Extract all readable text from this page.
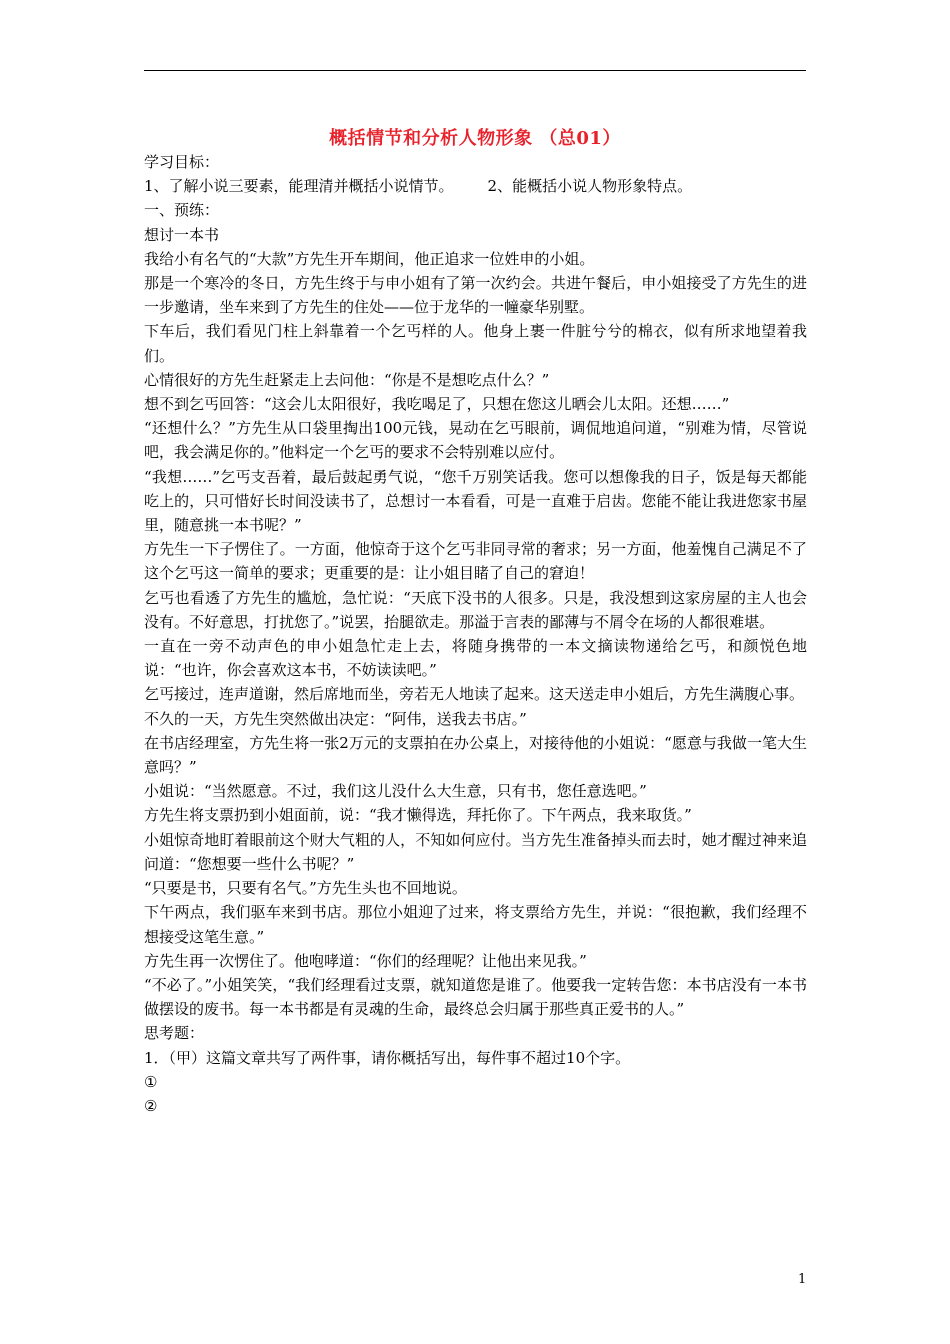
概括情节和分析人物形象 （总01）

学习目标：

1、了解小说三要素，能理清并概括小说情节。 2、能概括小说人物形象特点。

一、预练：

想讨一本书

我给小有名气的“大款”方先生开车期间，他正追求一位姓申的小姐。

那是一个寒冷的冬日，方先生终于与申小姐有了第一次约会。共进午餐后，申小姐接受了方先生的进一步邀请，坐车来到了方先生的住处——位于龙华的一幢豪华别墅。

下车后，我们看见门柱上斜靠着一个乞丐样的人。他身上裹一件脏兮兮的棉衣，似有所求地望着我们。

心情很好的方先生赶紧走上去问他：“你是不是想吃点什么？”

想不到乞丐回答：“这会儿太阳很好，我吃喝足了，只想在您这儿晒会儿太阳。还想……”

“还想什么？”方先生从口袋里掏出100元钱，晃动在乞丐眼前，调侃地追问道，“别难为情，尽管说吧，我会满足你的。”他料定一个乞丐的要求不会特别难以应付。

“我想……”乞丐支吾着，最后鼓起勇气说，“您千万别笑话我。您可以想像我的日子，饭是每天都能吃上的，只可惜好长时间没读书了，总想讨一本看看，可是一直难于启齿。您能不能让我进您家书屋里，随意挑一本书呢？”

方先生一下子愣住了。一方面，他惊奇于这个乞丐非同寻常的奢求；另一方面，他羞愧自己满足不了这个乞丐这一简单的要求；更重要的是：让小姐目睹了自己的窘迫！

乞丐也看透了方先生的尴尬，急忙说：“天底下没书的人很多。只是，我没想到这家房屋的主人也会没有。不好意思，打扰您了。”说罢，抬腿欲走。那溢于言表的鄙薄与不屑令在场的人都很难堪。

一直在一旁不动声色的申小姐急忙走上去，将随身携带的一本文摘读物递给乞丐，和颜悦色地说：“也许，你会喜欢这本书，不妨读读吧。”

乞丐接过，连声道谢，然后席地而坐，旁若无人地读了起来。这天送走申小姐后，方先生满腹心事。

不久的一天，方先生突然做出决定：“阿伟，送我去书店。”

在书店经理室，方先生将一张2万元的支票拍在办公桌上，对接待他的小姐说：“愿意与我做一笔大生意吗？”

小姐说：“当然愿意。不过，我们这儿没什么大生意，只有书，您任意选吧。”

方先生将支票扔到小姐面前，说：“我才懒得选，拜托你了。下午两点，我来取货。”

小姐惊奇地盯着眼前这个财大气粗的人，不知如何应付。当方先生准备掉头而去时，她才醒过神来追问道：“您想要一些什么书呢？”

“只要是书，只要有名气。”方先生头也不回地说。

下午两点，我们驱车来到书店。那位小姐迎了过来，将支票给方先生，并说：“很抱歉，我们经理不想接受这笔生意。”

方先生再一次愣住了。他咆哮道：“你们的经理呢？让他出来见我。”

“不必了。”小姐笑笑，“我们经理看过支票，就知道您是谁了。他要我一定转告您：本书店没有一本书做摆设的废书。每一本书都是有灵魂的生命，最终总会归属于那些真正爱书的人。”

思考题：

1．（甲）这篇文章共写了两件事，请你概括写出，每件事不超过10个字。

①

②

1
